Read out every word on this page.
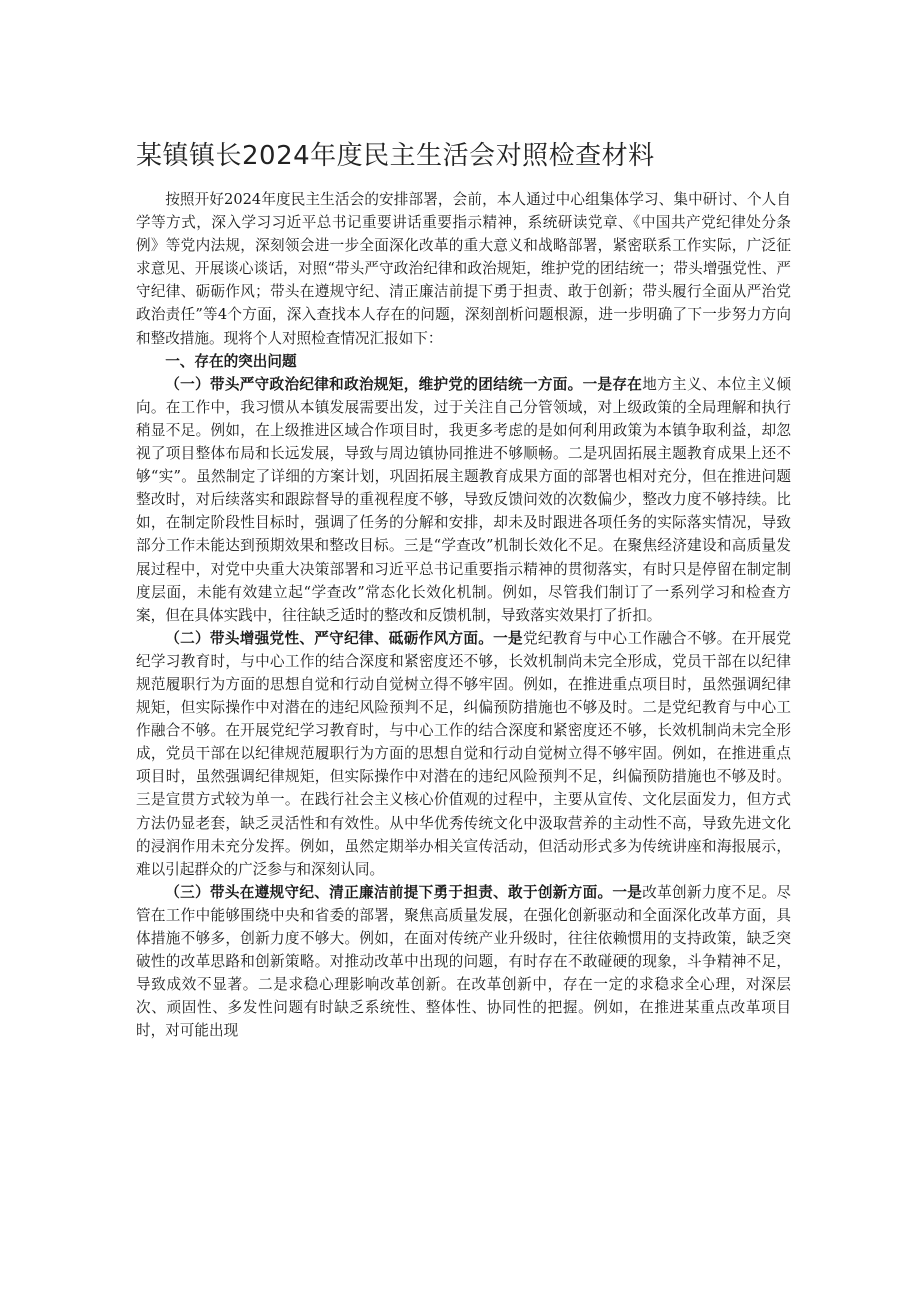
某镇镇长2024年度民主生活会对照检查材料

按照开好2024年度民主生活会的安排部署，会前，本人通过中心组集体学习、集中研讨、个人自学等方式，深入学习习近平总书记重要讲话重要指示精神，系统研读党章、《中国共产党纪律处分条例》等党内法规，深刻领会进一步全面深化改革的重大意义和战略部署，紧密联系工作实际，广泛征求意见、开展谈心谈话，对照“带头严守政治纪律和政治规矩，维护党的团结统一；带头增强党性、严守纪律、砺砺作风；带头在遵规守纪、清正廉洁前提下勇于担责、敢于创新；带头履行全面从严治党政治责任”等4个方面，深入查找本人存在的问题，深刻剖析问题根源，进一步明确了下一步努力方向和整改措施。现将个人对照检查情况汇报如下：

一、存在的突出问题

（一）带头严守政治纪律和政治规矩，维护党的团结统一方面。一是存在地方主义、本位主义倾向。在工作中，我习惯从本镇发展需要出发，过于关注自己分管领域，对上级政策的全局理解和执行稍显不足。例如，在上级推进区域合作项目时，我更多考虑的是如何利用政策为本镇争取利益，却忽视了项目整体布局和长远发展，导致与周边镇协同推进不够顺畅。二是巩固拓展主题教育成果上还不够“实”。虽然制定了详细的方案计划，巩固拓展主题教育成果方面的部署也相对充分，但在推进问题整改时，对后续落实和跟踪督导的重视程度不够，导致反馈问效的次数偏少，整改力度不够持续。比如，在制定阶段性目标时，强调了任务的分解和安排，却未及时跟进各项任务的实际落实情况，导致部分工作未能达到预期效果和整改目标。三是“学查改”机制长效化不足。在聚焦经济建设和高质量发展过程中，对党中央重大决策部署和习近平总书记重要指示精神的贯彻落实，有时只是停留在制定制度层面，未能有效建立起“学查改”常态化长效化机制。例如，尽管我们制订了一系列学习和检查方案，但在具体实践中，往往缺乏适时的整改和反馈机制，导致落实效果打了折扣。

（二）带头增强党性、严守纪律、砥砺作风方面。一是党纪教育与中心工作融合不够。在开展党纪学习教育时，与中心工作的结合深度和紧密度还不够，长效机制尚未完全形成，党员干部在以纪律规范履职行为方面的思想自觉和行动自觉树立得不够牢固。例如，在推进重点项目时，虽然强调纪律规矩，但实际操作中对潜在的违纪风险预判不足，纠偏预防措施也不够及时。二是党纪教育与中心工作融合不够。在开展党纪学习教育时，与中心工作的结合深度和紧密度还不够，长效机制尚未完全形成，党员干部在以纪律规范履职行为方面的思想自觉和行动自觉树立得不够牢固。例如，在推进重点项目时，虽然强调纪律规矩，但实际操作中对潜在的违纪风险预判不足，纠偏预防措施也不够及时。三是宣贯方式较为单一。在践行社会主义核心价值观的过程中，主要从宣传、文化层面发力，但方式方法仍显老套，缺乏灵活性和有效性。从中华优秀传统文化中汲取营养的主动性不高，导致先进文化的浸润作用未充分发挥。例如，虽然定期举办相关宣传活动，但活动形式多为传统讲座和海报展示，难以引起群众的广泛参与和深刻认同。

（三）带头在遵规守纪、清正廉洁前提下勇于担责、敢于创新方面。一是改革创新力度不足。尽管在工作中能够围绕中央和省委的部署，聚焦高质量发展，在强化创新驱动和全面深化改革方面，具体措施不够多，创新力度不够大。例如，在面对传统产业升级时，往往依赖惯用的支持政策，缺乏突破性的改革思路和创新策略。对推动改革中出现的问题，有时存在不敢碰硬的现象，斗争精神不足，导致成效不显著。二是求稳心理影响改革创新。在改革创新中，存在一定的求稳求全心理，对深层次、顽固性、多发性问题有时缺乏系统性、整体性、协同性的把握。例如，在推进某重点改革项目时，对可能出现
